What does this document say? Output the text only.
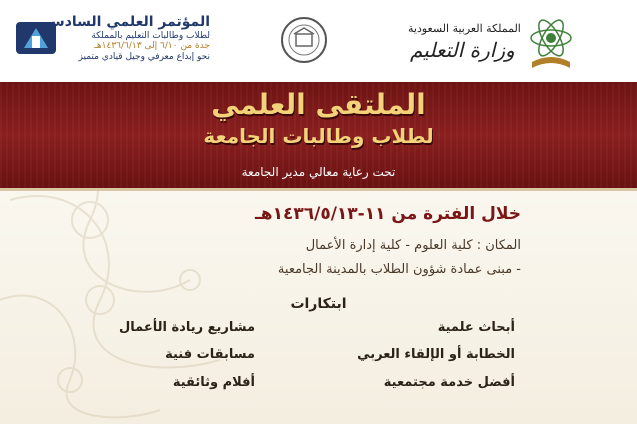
المؤتمر العلمي السادس
لطلاب وطالبات التعليم بالمملكة
جدة من ٦/١٠ إلى ١٤٣٦/٦/١٣هـ
نحو إبداع معرفي وجيل قيادي متميز
المملكة العربية السعودية
وزارة التعليم
الملتقى العلمي
لطلاب وطالبات الجامعة
تحت رعاية معالي مدير الجامعة
خلال الفترة من ١١-١٤٣٦/٥/١٣هـ
المكان : كلية العلوم - كلية إدارة الأعمال
- مبنى عمادة شؤون الطلاب بالمدينة الجامعية
ابتكارات
أبحاث علمية
الخطابة أو الإلقاء العربي
أفضل خدمة مجتمعية
مشاريع ريادة الأعمال
مسابقات فنية
أفلام وثائقية
